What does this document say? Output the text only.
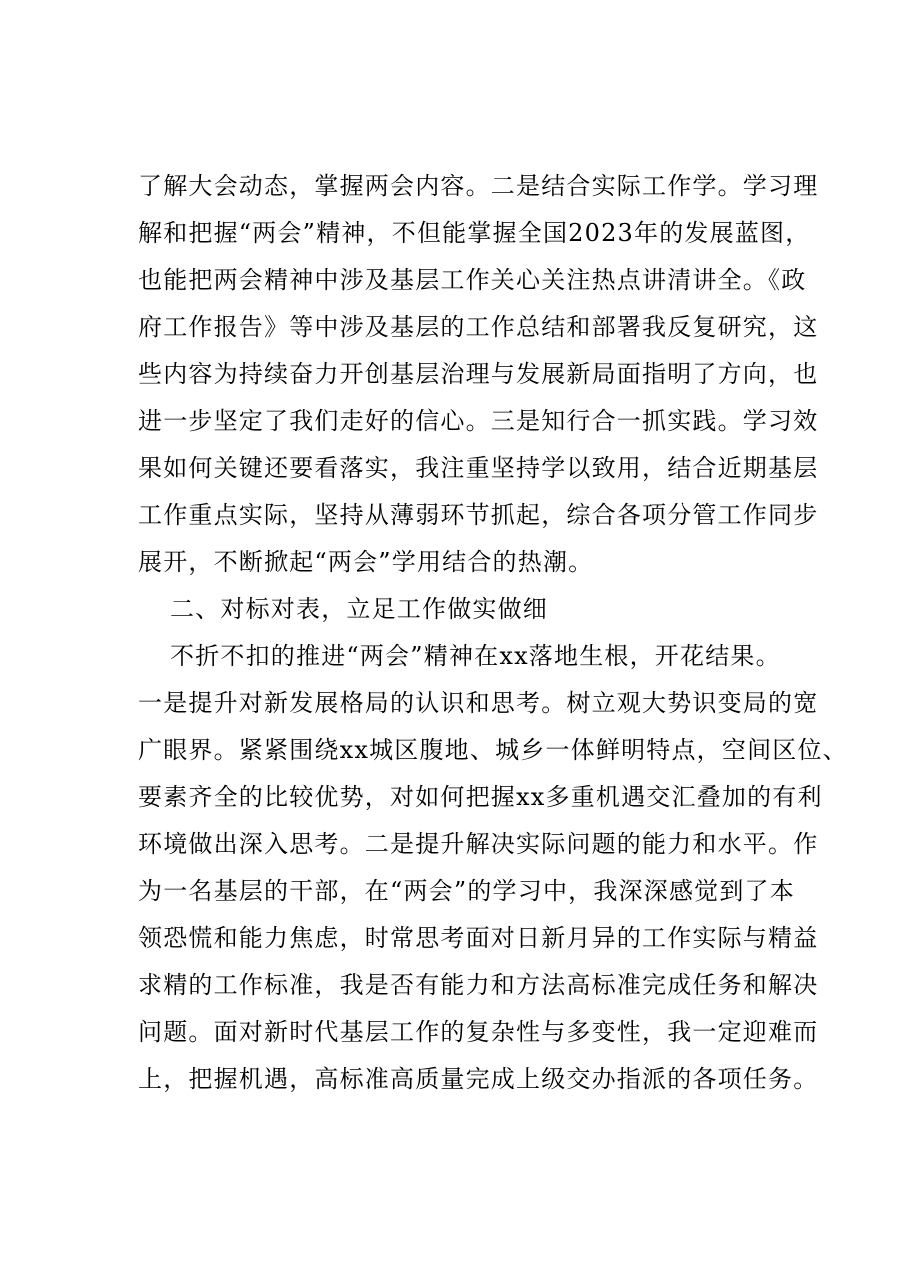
了解大会动态，掌握两会内容。二是结合实际工作学。学习理
解和把握“两会”精神，不但能掌握全国2023年的发展蓝图，
也能把两会精神中涉及基层工作关心关注热点讲清讲全。《政
府工作报告》等中涉及基层的工作总结和部署我反复研究，这
些内容为持续奋力开创基层治理与发展新局面指明了方向，也
进一步坚定了我们走好的信心。三是知行合一抓实践。学习效
果如何关键还要看落实，我注重坚持学以致用，结合近期基层
工作重点实际，坚持从薄弱环节抓起，综合各项分管工作同步
展开，不断掀起“两会”学用结合的热潮。
二、对标对表，立足工作做实做细
不折不扣的推进“两会”精神在xx落地生根，开花结果。
一是提升对新发展格局的认识和思考。树立观大势识变局的宽
广眼界。紧紧围绕xx城区腹地、城乡一体鲜明特点，空间区位、
要素齐全的比较优势，对如何把握xx多重机遇交汇叠加的有利
环境做出深入思考。二是提升解决实际问题的能力和水平。作
为一名基层的干部，在“两会”的学习中，我深深感觉到了本
领恐慌和能力焦虑，时常思考面对日新月异的工作实际与精益
求精的工作标准，我是否有能力和方法高标准完成任务和解决
问题。面对新时代基层工作的复杂性与多变性，我一定迎难而
上，把握机遇，高标准高质量完成上级交办指派的各项任务。
